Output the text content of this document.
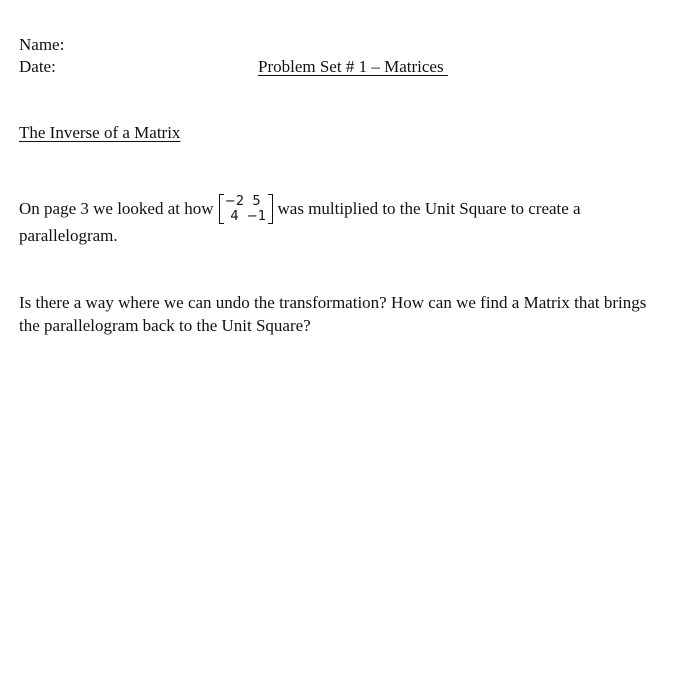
Name:
Date:	Problem Set # 1 – Matrices
The Inverse of a Matrix
On page 3 we looked at how −2 5
4 −1 was multiplied to the Unit Square to create a
parallelogram.
Is there a way where we can undo the transformation? How can we find a Matrix that brings
the parallelogram back to the Unit Square?
